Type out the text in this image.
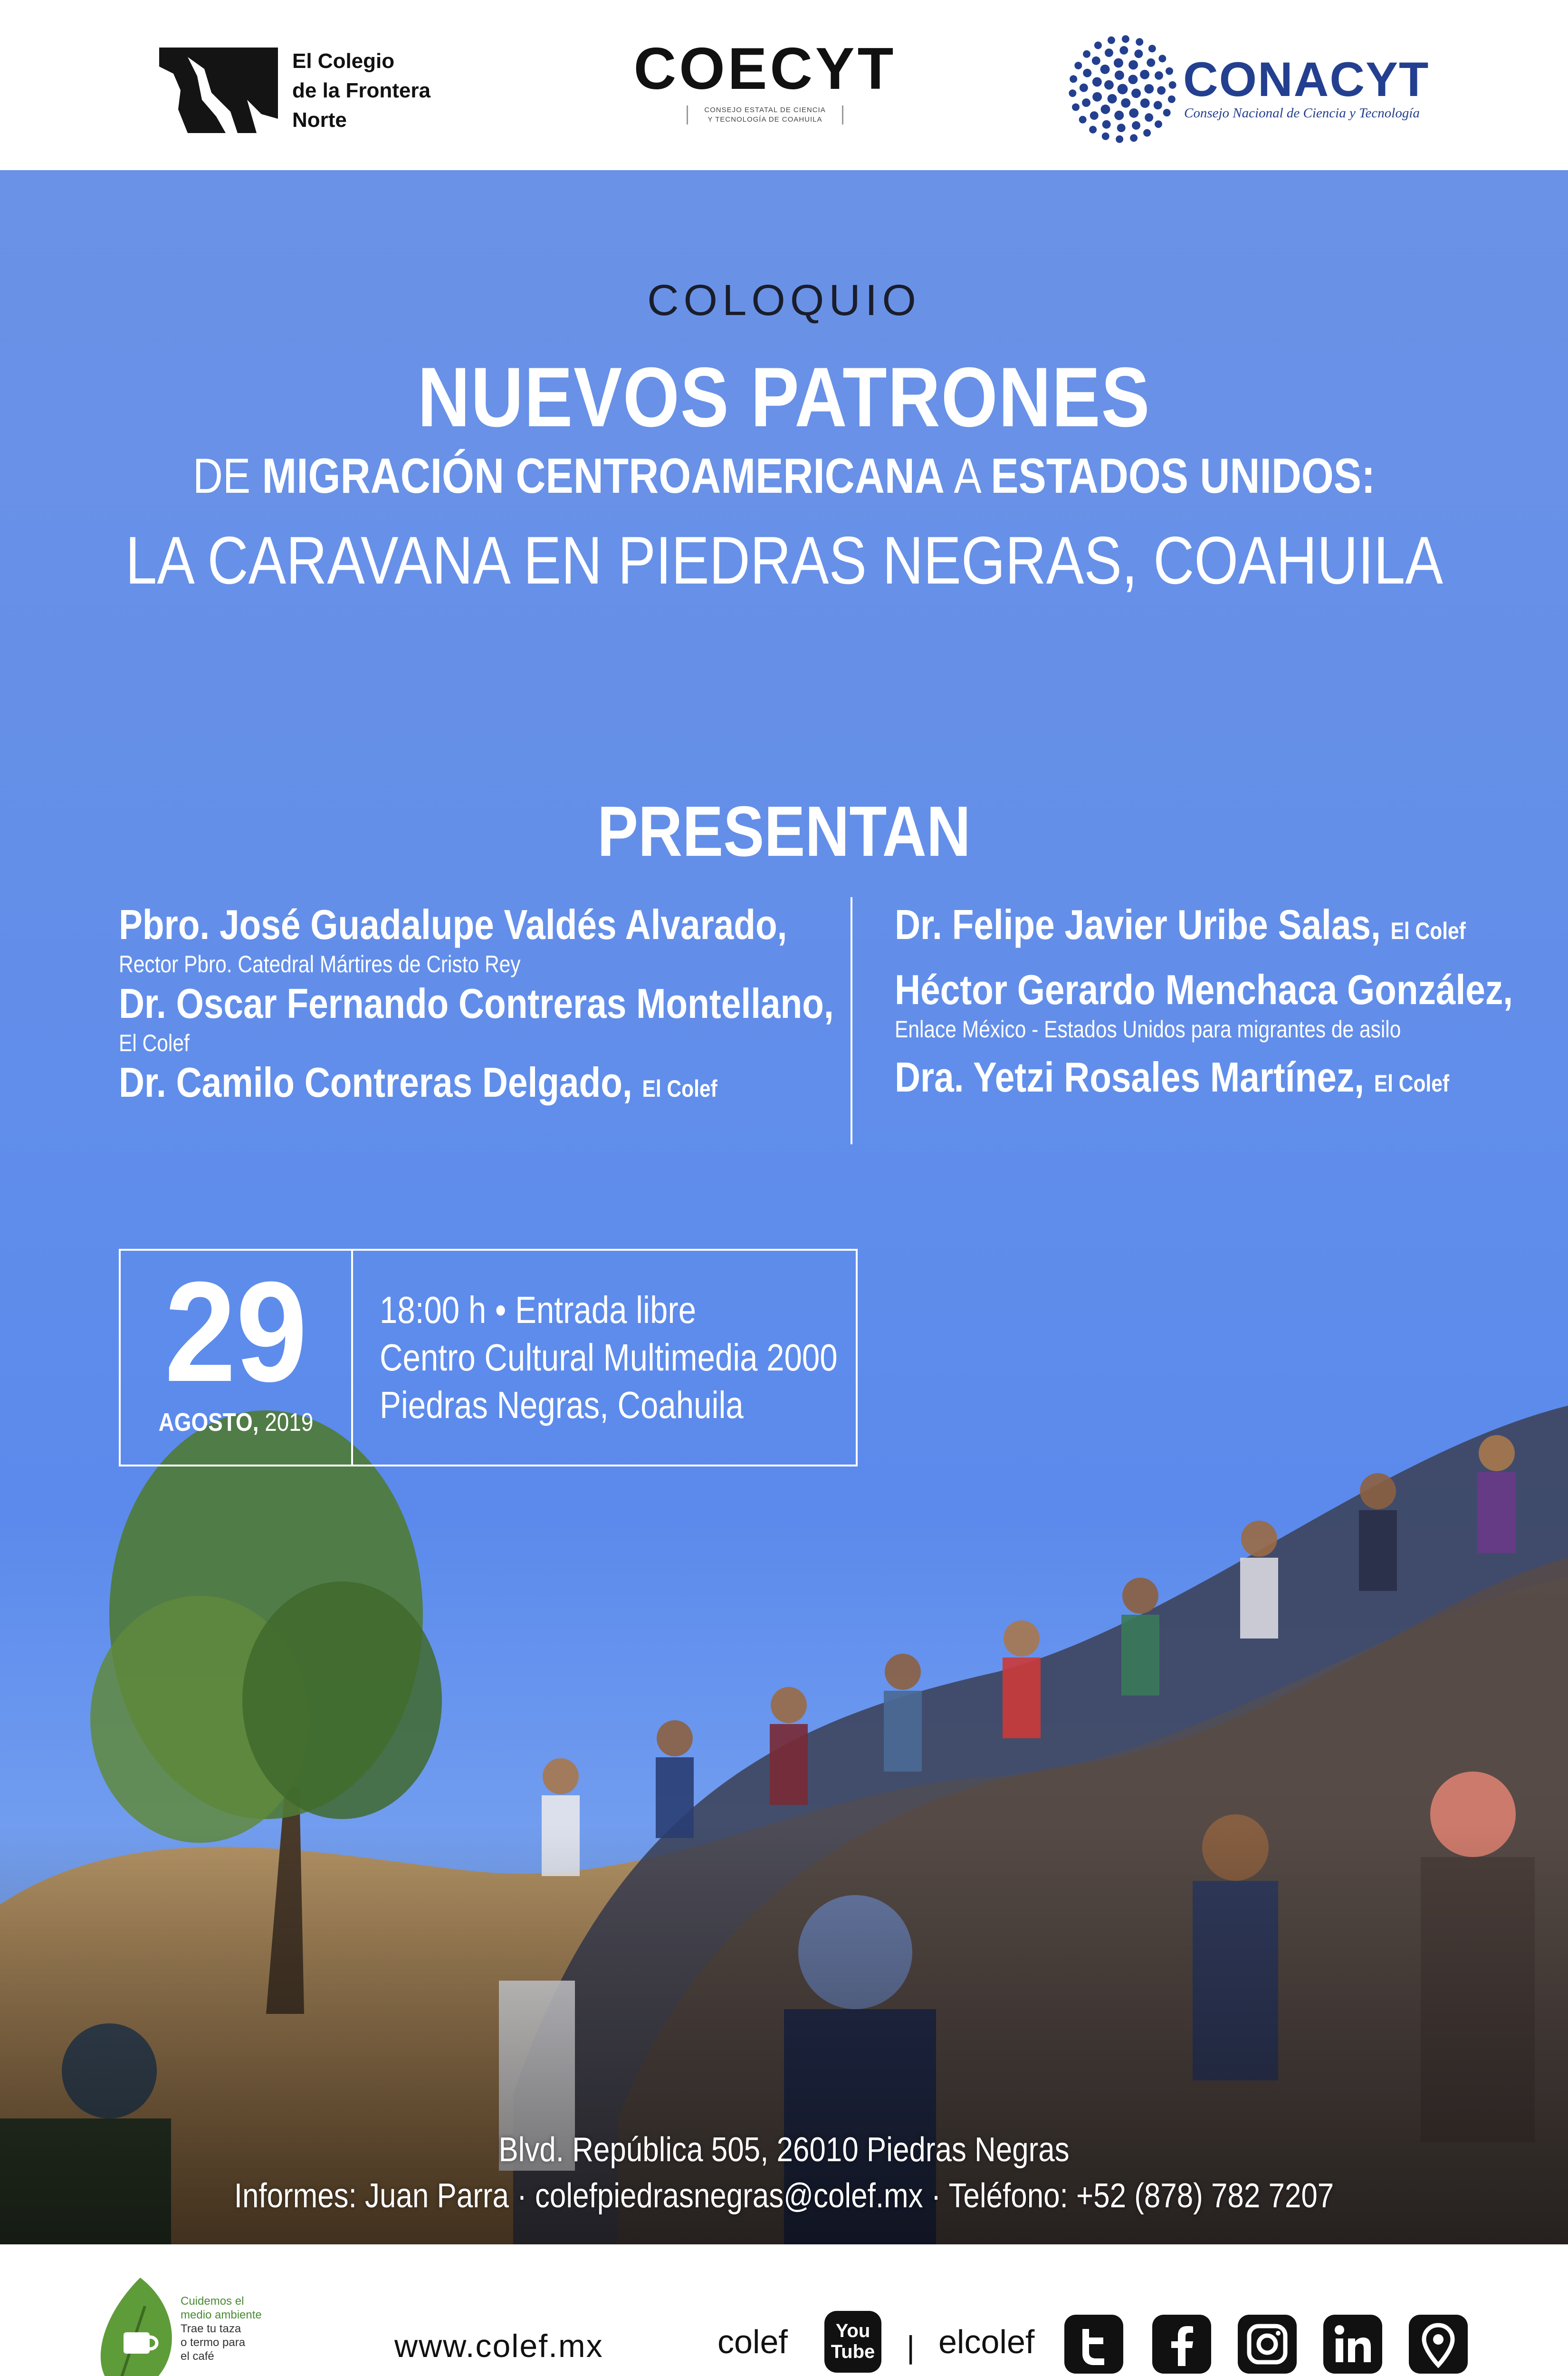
El Colegio
de la Frontera
Norte
COECYT
CONSEJO ESTATAL DE CIENCIA
Y TECNOLOGÍA DE COAHUILA
CONACYT
Consejo Nacional de Ciencia y Tecnología
COLOQUIO
NUEVOS PATRONES
DE MIGRACIÓN CENTROAMERICANA A ESTADOS UNIDOS:
LA CARAVANA EN PIEDRAS NEGRAS, COAHUILA
PRESENTAN
Pbro. José Guadalupe Valdés Alvarado,
Rector Pbro. Catedral Mártires de Cristo Rey
Dr. Oscar Fernando Contreras Montellano,
El Colef
Dr. Camilo Contreras Delgado, El Colef
Dr. Felipe Javier Uribe Salas, El Colef
Héctor Gerardo Menchaca González,
Enlace México - Estados Unidos para migrantes de asilo
Dra. Yetzi Rosales Martínez, El Colef
29
AGOSTO, 2019
18:00 h • Entrada libre
Centro Cultural Multimedia 2000
Piedras Negras, Coahuila
Blvd. República 505, 26010 Piedras Negras
Informes: Juan Parra · colefpiedrasnegras@colef.mx · Teléfono: +52 (878) 782 7207
Cuidemos el
medio ambiente
Trae tu taza
o termo para
el café	www.colef.mx	colef	You
Tube | elcolef
